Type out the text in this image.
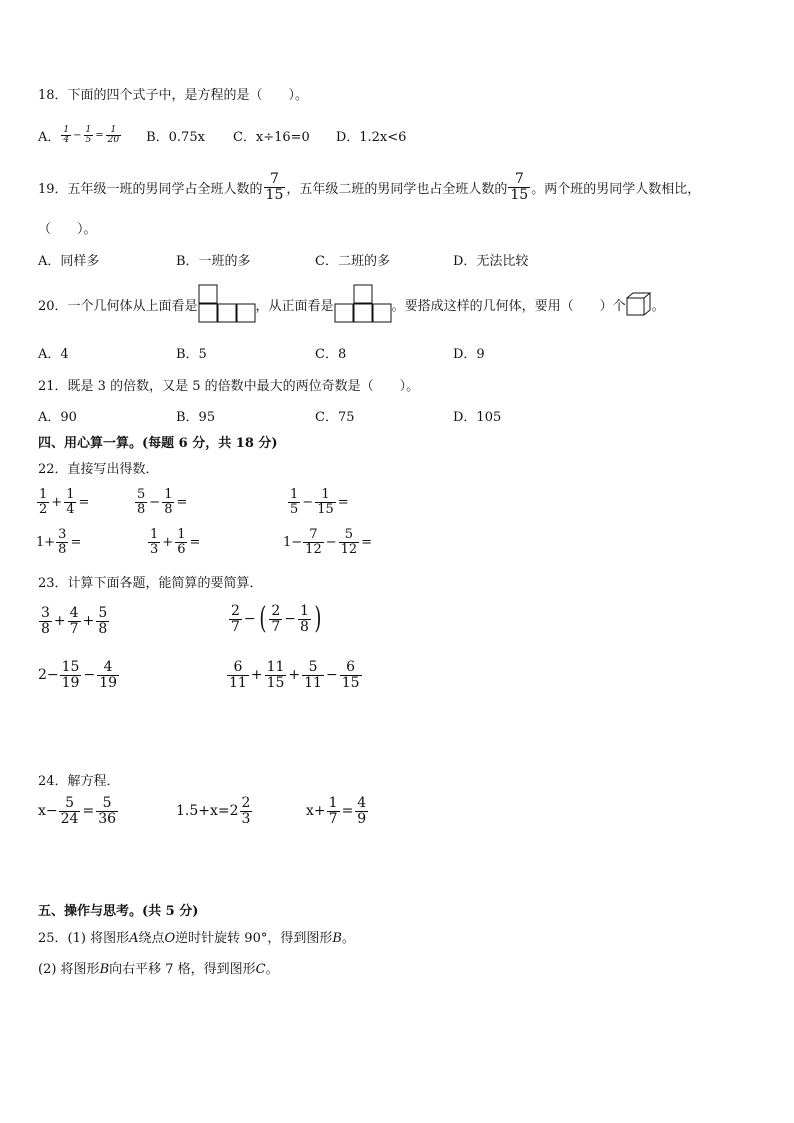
18．下面的四个式子中，是方程的是（　　）。
A． $\frac{1}{4} - \frac{1}{5} = \frac{1}{20}$ B．0.75x C．x÷16=0 D．1.2x<6
19．五年级一班的男同学占全班人数的 $\frac{7}{15}$ ，五年级二班的男同学也占全班人数的 $\frac{7}{15}$ 。两个班的男同学人数相比，
（　　）。
A．同样多	B．一班的多	C．二班的多	D．无法比较
20．一个几何体从上面看是	，从正面看是	。要搭成这样的几何体，要用（　　）个 。
A．4	B．5	C．8	D．9
21．既是 3 的倍数，又是 5 的倍数中最大的两位奇数是（　　）。
A．90	B．95	C．75	D．105
四、用心算一算。(每题 6 分，共 18 分)
22．直接写出得数．
$\frac{1}{2} + \frac{1}{4}$ =	$\frac{5}{8} - \frac{1}{8}$ =	$\frac{1}{5} - \frac{1}{15}$ =
$1+ \frac{3}{8}$ =	$\frac{1}{3} + \frac{1}{6}$ =	$1- \frac{7}{12} - \frac{5}{12}$ =
23．计算下面各题，能简算的要简算．
$\frac{3}{8} + \frac{4}{7} + \frac{5}{8}$	$\frac{2}{7}$ − ( $\frac{2}{7} - \frac{1}{8}$ )
$2- \frac{15}{19} - \frac{4}{19}$	$\frac{6}{11} + \frac{11}{15} + \frac{5}{11} - \frac{6}{15}$
24．解方程．
$x- \frac{5}{24} = \frac{5}{36}$	$1.5+x=2 \frac{2}{3}$	$x+ \frac{1}{7} = \frac{4}{9}$
五、操作与思考。(共 5 分)
25．(1) 将图形A绕点O逆时针旋转 90°，得到图形B。
(2) 将图形B向右平移 7 格，得到图形C。
